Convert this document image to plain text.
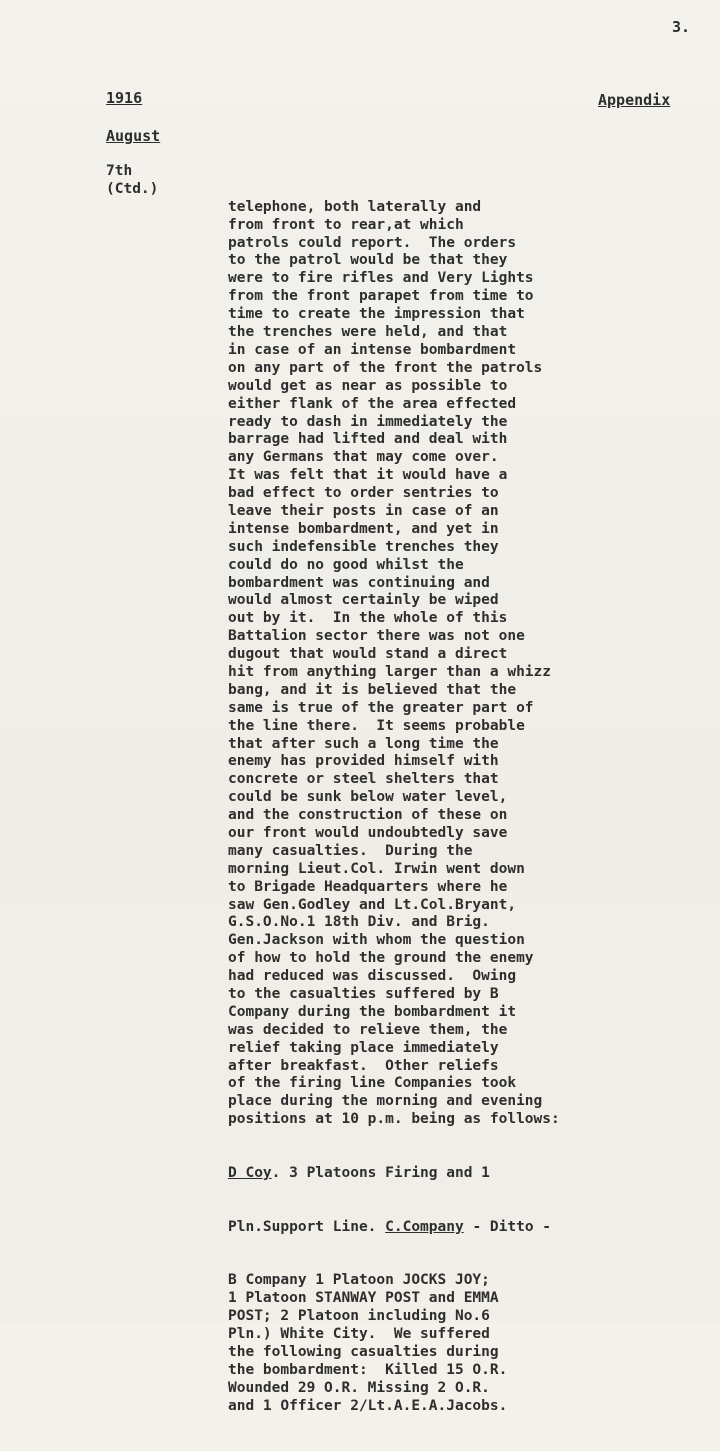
3.
1916	Appendix
August
7th
(Ctd.)

telephone, both laterally and
from front to rear,at which
patrols could report.  The orders
to the patrol would be that they
were to fire rifles and Very Lights
from the front parapet from time to
time to create the impression that
the trenches were held, and that
in case of an intense bombardment
on any part of the front the patrols
would get as near as possible to
either flank of the area effected
ready to dash in immediately the
barrage had lifted and deal with
any Germans that may come over.
It was felt that it would have a
bad effect to order sentries to
leave their posts in case of an
intense bombardment, and yet in
such indefensible trenches they
could do no good whilst the
bombardment was continuing and
would almost certainly be wiped
out by it.  In the whole of this
Battalion sector there was not one
dugout that would stand a direct
hit from anything larger than a whizz
bang, and it is believed that the
same is true of the greater part of
the line there.  It seems probable
that after such a long time the
enemy has provided himself with
concrete or steel shelters that
could be sunk below water level,
and the construction of these on
our front would undoubtedly save
many casualties.  During the
morning Lieut.Col. Irwin went down
to Brigade Headquarters where he
saw Gen.Godley and Lt.Col.Bryant,
G.S.O.No.1 18th Div. and Brig.
Gen.Jackson with whom the question
of how to hold the ground the enemy
had reduced was discussed.  Owing
to the casualties suffered by B
Company during the bombardment it
was decided to relieve them, the
relief taking place immediately
after breakfast.  Other reliefs
of the firing line Companies took
place during the morning and evening
positions at 10 p.m. being as follows:

D Coy. 3 Platoons Firing and 1

Pln.Support Line. C.Company - Ditto -

B Company 1 Platoon JOCKS JOY;
1 Platoon STANWAY POST and EMMA
POST; 2 Platoon including No.6
Pln.) White City.  We suffered
the following casualties during
the bombardment:  Killed 15 O.R.
Wounded 29 O.R. Missing 2 O.R.
and 1 Officer 2/Lt.A.E.A.Jacobs.
